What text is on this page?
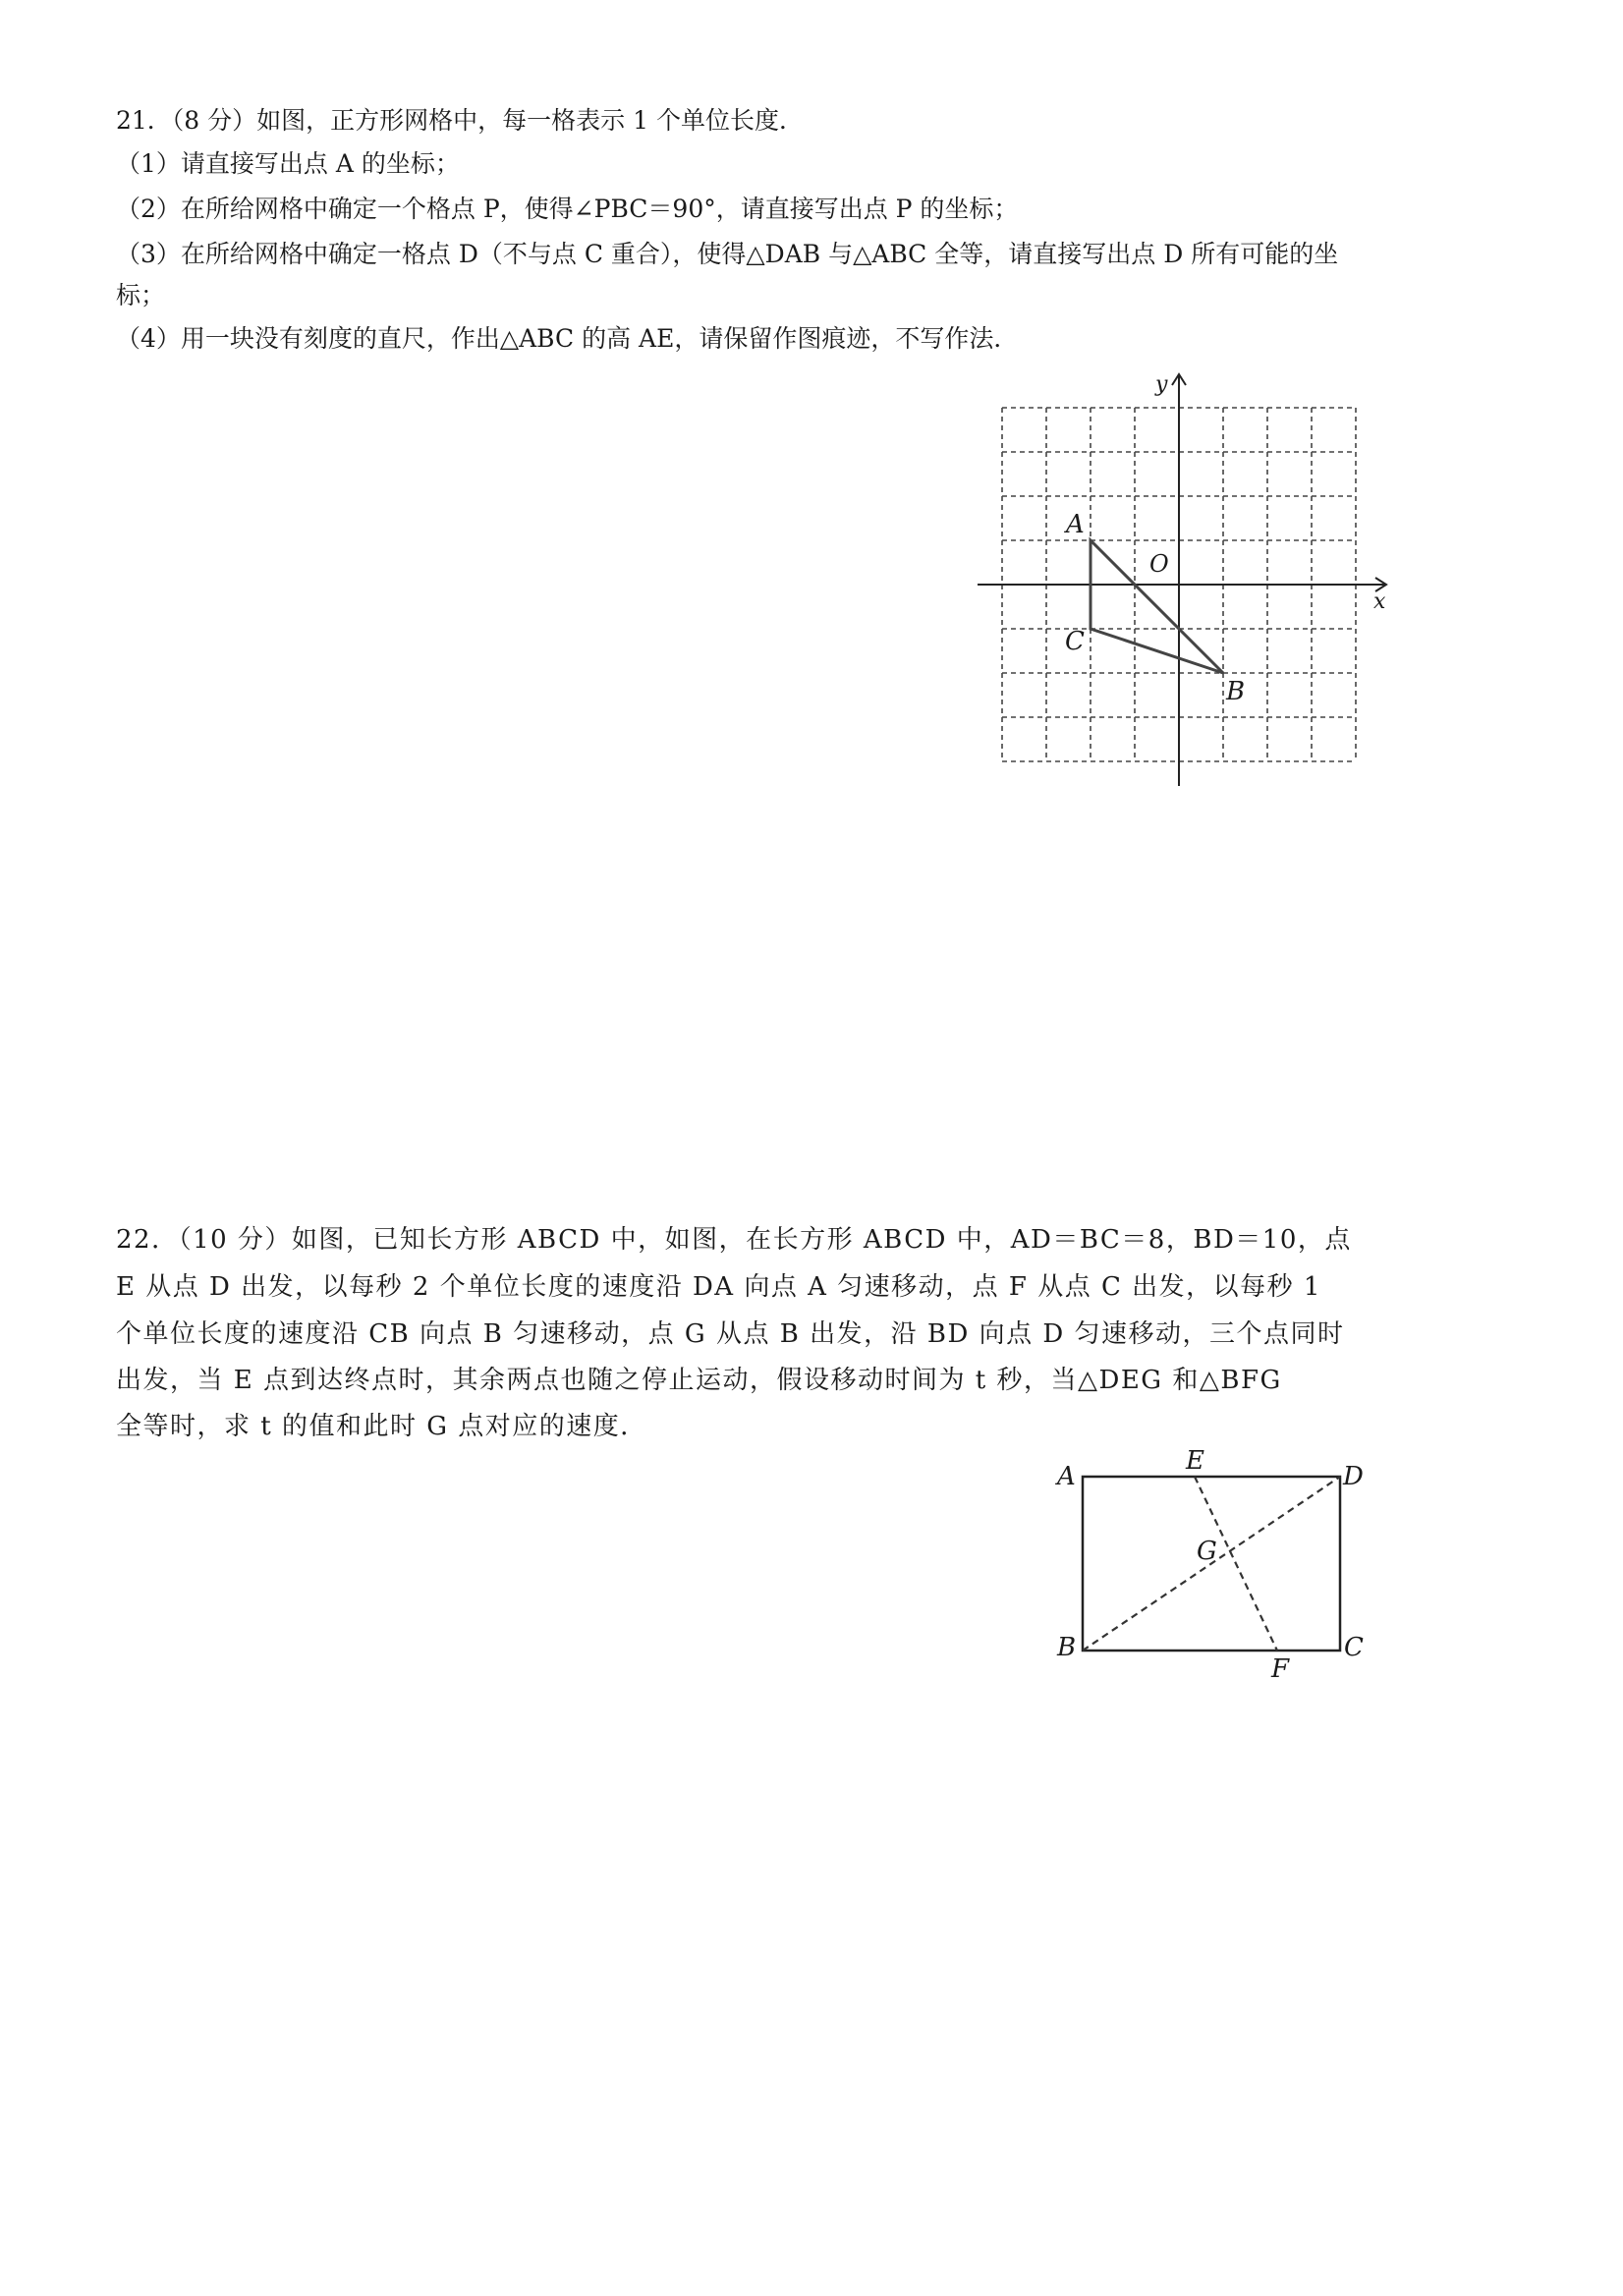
21．（8 分）如图，正方形网格中，每一格表示 1 个单位长度．
（1）请直接写出点 A 的坐标；
（2）在所给网格中确定一个格点 P，使得∠PBC＝90°，请直接写出点 P 的坐标；
（3）在所给网格中确定一格点 D（不与点 C 重合），使得△DAB 与△ABC 全等，请直接写出点 D 所有可能的坐
标；
（4）用一块没有刻度的直尺，作出△ABC 的高 AE，请保留作图痕迹，不写作法．
x
y
O
A
C
B
22．（10 分）如图，已知长方形 ABCD 中，如图，在长方形 ABCD 中，AD＝BC＝8，BD＝10，点
E 从点 D 出发，以每秒 2 个单位长度的速度沿 DA 向点 A 匀速移动，点 F 从点 C 出发，以每秒 1
个单位长度的速度沿 CB 向点 B 匀速移动，点 G 从点 B 出发，沿 BD 向点 D 匀速移动，三个点同时
出发，当 E 点到达终点时，其余两点也随之停止运动，假设移动时间为 t 秒，当△DEG 和△BFG
全等时，求 t 的值和此时 G 点对应的速度．
A	D
B	C
E
F
G
